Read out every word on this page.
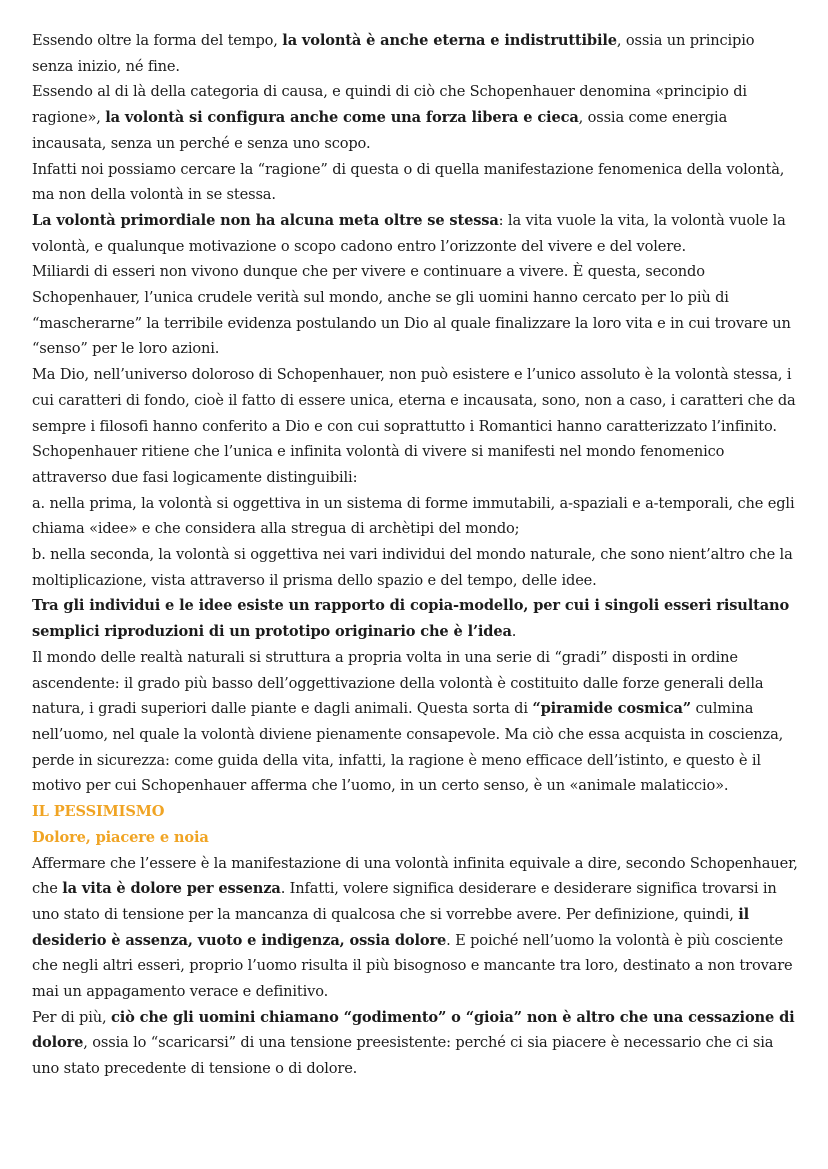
Essendo oltre la forma del tempo, la volontà è anche eterna e indistruttibile, ossia un principio senza inizio, né fine.

Essendo al di là della categoria di causa, e quindi di ciò che Schopenhauer denomina «principio di ragione», la volontà si configura anche come una forza libera e cieca, ossia come energia incausata, senza un perché e senza uno scopo.

Infatti noi possiamo cercare la “ragione” di questa o di quella manifestazione fenomenica della volontà, ma non della volontà in se stessa.

La volontà primordiale non ha alcuna meta oltre se stessa: la vita vuole la vita, la volontà vuole la volontà, e qualunque motivazione o scopo cadono entro l’orizzonte del vivere e del volere.

Miliardi di esseri non vivono dunque che per vivere e continuare a vivere. È questa, secondo Schopenhauer, l’unica crudele verità sul mondo, anche se gli uomini hanno cercato per lo più di “mascherarne” la terribile evidenza postulando un Dio al quale finalizzare la loro vita e in cui trovare un “senso” per le loro azioni.

Ma Dio, nell’universo doloroso di Schopenhauer, non può esistere e l’unico assoluto è la volontà stessa, i cui caratteri di fondo, cioè il fatto di essere unica, eterna e incausata, sono, non a caso, i caratteri che da sempre i filosofi hanno conferito a Dio e con cui soprattutto i Romantici hanno caratterizzato l’infinito.

Schopenhauer ritiene che l’unica e infinita volontà di vivere si manifesti nel mondo fenomenico attraverso due fasi logicamente distinguibili:

a. nella prima, la volontà si oggettiva in un sistema di forme immutabili, a-spaziali e a-temporali, che egli chiama «idee» e che considera alla stregua di archètipi del mondo;

b. nella seconda, la volontà si oggettiva nei vari individui del mondo naturale, che sono nient’altro che la moltiplicazione, vista attraverso il prisma dello spazio e del tempo, delle idee.

Tra gli individui e le idee esiste un rapporto di copia-modello, per cui i singoli esseri risultano semplici riproduzioni di un prototipo originario che è l’idea.

Il mondo delle realtà naturali si struttura a propria volta in una serie di “gradi” disposti in ordine ascendente: il grado più basso dell’oggettivazione della volontà è costituito dalle forze generali della natura, i gradi superiori dalle piante e dagli animali. Questa sorta di “piramide cosmica” culmina nell’uomo, nel quale la volontà diviene pienamente consapevole. Ma ciò che essa acquista in coscienza, perde in sicurezza: come guida della vita, infatti, la ragione è meno efficace dell’istinto, e questo è il motivo per cui Schopenhauer afferma che l’uomo, in un certo senso, è un «animale malaticcio».

IL PESSIMISMO

Dolore, piacere e noia

Affermare che l’essere è la manifestazione di una volontà infinita equivale a dire, secondo Schopenhauer, che la vita è dolore per essenza. Infatti, volere significa desiderare e desiderare significa trovarsi in uno stato di tensione per la mancanza di qualcosa che si vorrebbe avere. Per definizione, quindi, il desiderio è assenza, vuoto e indigenza, ossia dolore. E poiché nell’uomo la volontà è più cosciente che negli altri esseri, proprio l’uomo risulta il più bisognoso e mancante tra loro, destinato a non trovare mai un appagamento verace e definitivo.

Per di più, ciò che gli uomini chiamano “godimento” o “gioia” non è altro che una cessazione di dolore, ossia lo “scaricarsi” di una tensione preesistente: perché ci sia piacere è necessario che ci sia uno stato precedente di tensione o di dolore.
